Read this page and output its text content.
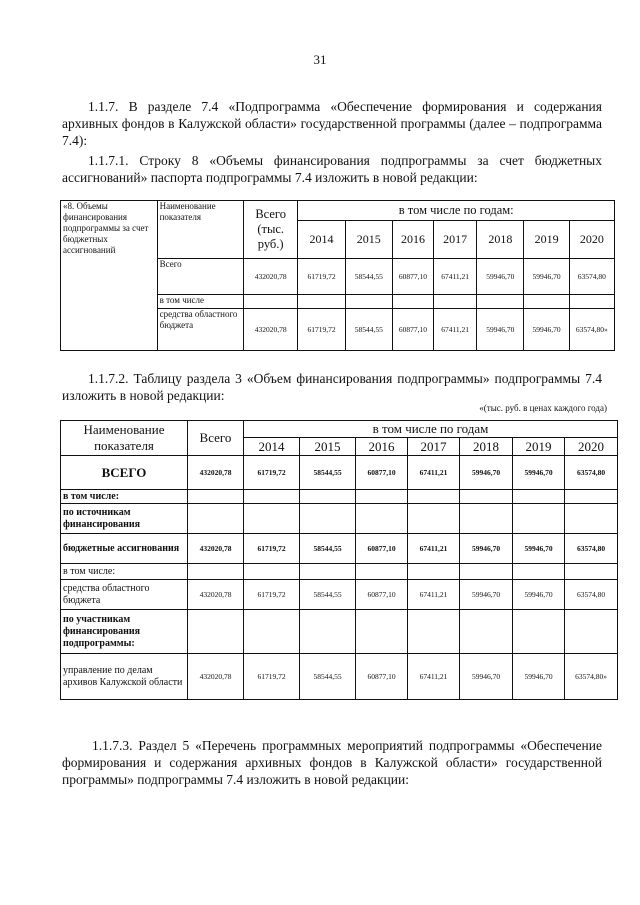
31
1.1.7. В разделе 7.4 «Подпрограмма «Обеспечение формирования и содержания архивных фондов в Калужской области» государственной программы (далее – подпрограмма 7.4):
1.1.7.1. Строку 8 «Объемы финансирования подпрограммы за счет бюджетных ассигнований» паспорта подпрограммы 7.4 изложить в новой редакции:
«8. Объемы финансирования подпрограммы за счет бюджетных ассигнований	Наименование показателя	Всего (тыс. руб.)	в том числе по годам:						
			2014	2015	2016	2017	2018	2019	2020
	Всего	432020,78	61719,72	58544,55	60877,10	67411,21	59946,70	59946,70	63574,80
	в том числе								
	средства областного бюджета	432020,78	61719,72	58544,55	60877,10	67411,21	59946,70	59946,70	63574,80»
1.1.7.2. Таблицу раздела 3 «Объем финансирования подпрограммы» подпрограммы 7.4 изложить в новой редакции:
«(тыс. руб. в ценах каждого года)
Наименование показателя	Всего	в том числе по годам						
		2014	2015	2016	2017	2018	2019	2020
ВСЕГО	432020,78	61719,72	58544,55	60877,10	67411,21	59946,70	59946,70	63574,80
в том числе:								
по источникам финансирования								
бюджетные ассигнования	432020,78	61719,72	58544,55	60877,10	67411,21	59946,70	59946,70	63574,80
в том числе:								
средства областного бюджета	432020,78	61719,72	58544,55	60877,10	67411,21	59946,70	59946,70	63574,80
по участникам финансирования подпрограммы:								
управление по делам архивов Калужской области	432020,78	61719,72	58544,55	60877,10	67411,21	59946,70	59946,70	63574,80»
1.1.7.3. Раздел 5 «Перечень программных мероприятий подпрограммы «Обеспечение формирования и содержания архивных фондов в Калужской области» государственной программы» подпрограммы 7.4 изложить в новой редакции:
